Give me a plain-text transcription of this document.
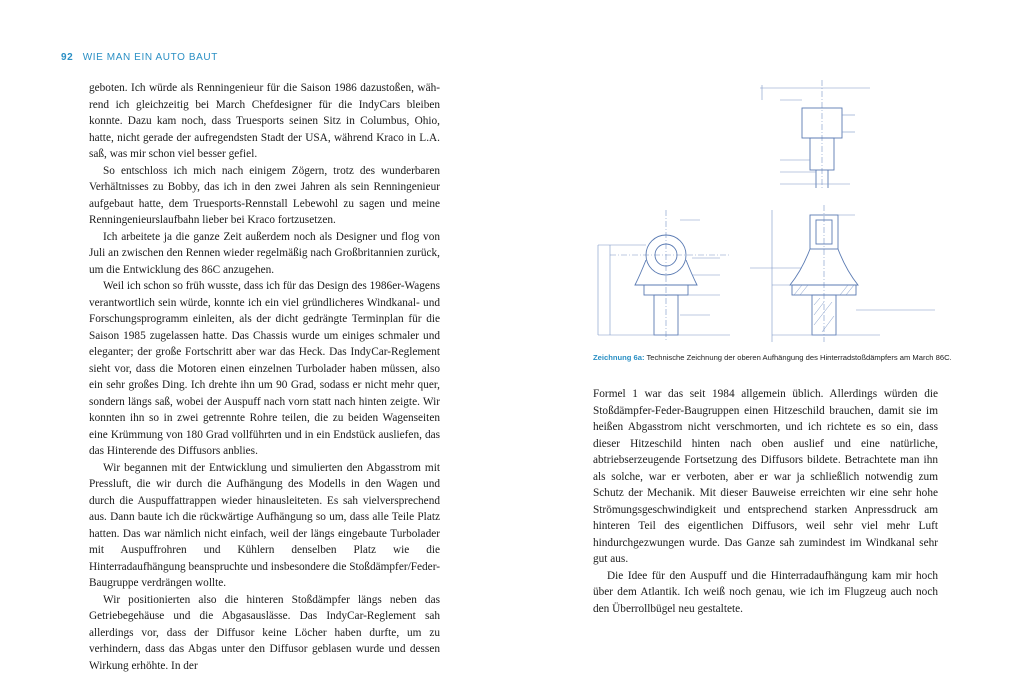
92 WIE MAN EIN AUTO BAUT

geboten. Ich würde als Renningenieur für die Saison 1986 dazustoßen, während ich gleichzeitig bei March Chefdesigner für die IndyCars bleiben konnte. Dazu kam noch, dass Truesports seinen Sitz in Columbus, Ohio, hatte, nicht gerade der aufregendsten Stadt der USA, während Kraco in L.A. saß, was mir schon viel besser gefiel.

So entschloss ich mich nach einigem Zögern, trotz des wunderbaren Verhältnisses zu Bobby, das ich in den zwei Jahren als sein Renningenieur aufgebaut hatte, dem Truesports-Rennstall Lebewohl zu sagen und meine Renningenieurslaufbahn lieber bei Kraco fortzusetzen.

Ich arbeitete ja die ganze Zeit außerdem noch als Designer und flog von Juli an zwischen den Rennen wieder regelmäßig nach Großbritannien zurück, um die Entwicklung des 86C anzugehen.

Weil ich schon so früh wusste, dass ich für das Design des 1986er-Wagens verantwortlich sein würde, konnte ich ein viel gründlicheres Windkanal- und Forschungsprogramm einleiten, als der dicht gedrängte Terminplan für die Saison 1985 zugelassen hatte. Das Chassis wurde um einiges schmaler und eleganter; der große Fortschritt aber war das Heck. Das IndyCar-Reglement sieht vor, dass die Motoren einen einzelnen Turbolader haben müssen, also ein sehr großes Ding. Ich drehte ihn um 90 Grad, sodass er nicht mehr quer, sondern längs saß, wobei der Auspuff nach vorn statt nach hinten zeigte. Wir konnten ihn so in zwei getrennte Rohre teilen, die zu beiden Wagenseiten eine Krümmung von 180 Grad vollführten und in ein Endstück ausliefen, das das Hinterende des Diffusors anblies.

Wir begannen mit der Entwicklung und simulierten den Abgasstrom mit Pressluft, die wir durch die Aufhängung des Modells in den Wagen und durch die Auspuffattrappen wieder hinausleiteten. Es sah vielversprechend aus. Dann baute ich die rückwärtige Aufhängung so um, dass alle Teile Platz hatten. Das war nämlich nicht einfach, weil der längs eingebaute Turbolader mit Auspuffrohren und Kühlern denselben Platz wie die Hinterradaufhängung beanspruchte und insbesondere die Stoßdämpfer/Feder-Baugruppe verdrängen wollte.

Wir positionierten also die hinteren Stoßdämpfer längs neben das Getriebegehäuse und die Abgasauslässe. Das IndyCar-Reglement sah allerdings vor, dass der Diffusor keine Löcher haben durfte, um zu verhindern, dass das Abgas unter den Diffusor geblasen wurde und dessen Wirkung erhöhte. In der

Zeichnung 6a: Technische Zeichnung der oberen Aufhängung des Hinterradstoßdämpfers am March 86C.

Formel 1 war das seit 1984 allgemein üblich. Allerdings würden die Stoßdämpfer-Feder-Baugruppen einen Hitzeschild brauchen, damit sie im heißen Abgasstrom nicht verschmorten, und ich richtete es so ein, dass dieser Hitzeschild hinten nach oben auslief und eine natürliche, abtriebserzeugende Fortsetzung des Diffusors bildete. Betrachtete man ihn als solche, war er verboten, aber er war ja schließlich notwendig zum Schutz der Mechanik. Mit dieser Bauweise erreichten wir eine sehr hohe Strömungsgeschwindigkeit und entsprechend starken Anpressdruck am hinteren Teil des eigentlichen Diffusors, weil sehr viel mehr Luft hindurchgezwungen wurde. Das Ganze sah zumindest im Windkanal sehr gut aus.

Die Idee für den Auspuff und die Hinterradaufhängung kam mir hoch über dem Atlantik. Ich weiß noch genau, wie ich im Flugzeug auch noch den Überrollbügel neu gestaltete.
